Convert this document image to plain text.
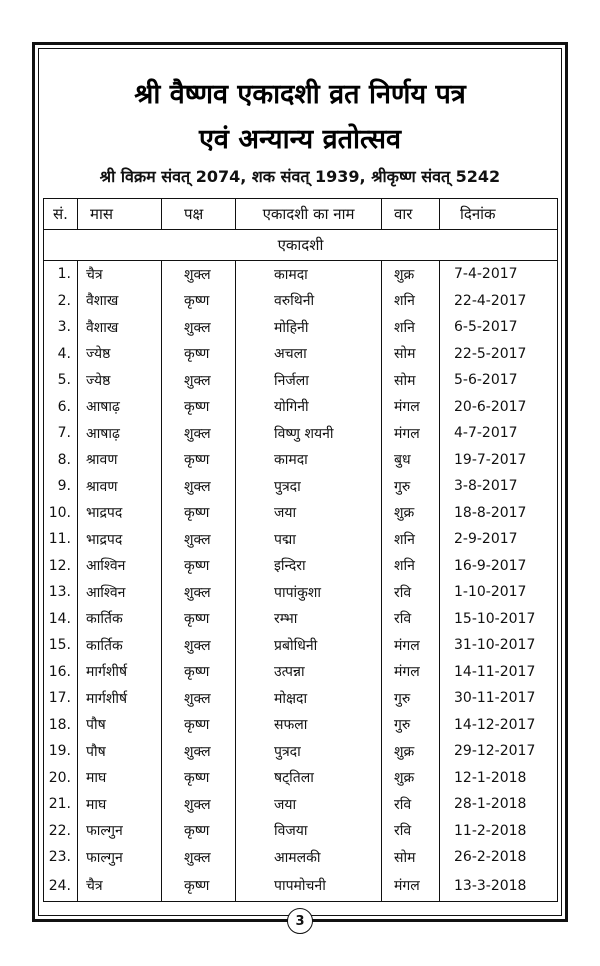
श्री वैष्णव एकादशी व्रत निर्णय पत्र
एवं अन्यान्य व्रतोत्सव
श्री विक्रम संवत् 2074, शक संवत् 1939, श्रीकृष्ण संवत् 5242
एकादशी					
सं.	मास	पक्ष	एकादशी का नाम	वार	दिनांक
1.	चैत्र	शुक्ल	कामदा	शुक्र	7-4-2017
2.	वैशाख	कृष्ण	वरुथिनी	शनि	22-4-2017
3.	वैशाख	शुक्ल	मोहिनी	शनि	6-5-2017
4.	ज्येष्ठ	कृष्ण	अचला	सोम	22-5-2017
5.	ज्येष्ठ	शुक्ल	निर्जला	सोम	5-6-2017
6.	आषाढ़	कृष्ण	योगिनी	मंगल	20-6-2017
7.	आषाढ़	शुक्ल	विष्णु शयनी	मंगल	4-7-2017
8.	श्रावण	कृष्ण	कामदा	बुध	19-7-2017
9.	श्रावण	शुक्ल	पुत्रदा	गुरु	3-8-2017
10.	भाद्रपद	कृष्ण	जया	शुक्र	18-8-2017
11.	भाद्रपद	शुक्ल	पद्मा	शनि	2-9-2017
12.	आश्विन	कृष्ण	इन्दिरा	शनि	16-9-2017
13.	आश्विन	शुक्ल	पापांकुशा	रवि	1-10-2017
14.	कार्तिक	कृष्ण	रम्भा	रवि	15-10-2017
15.	कार्तिक	शुक्ल	प्रबोधिनी	मंगल	31-10-2017
16.	मार्गशीर्ष	कृष्ण	उत्पन्ना	मंगल	14-11-2017
17.	मार्गशीर्ष	शुक्ल	मोक्षदा	गुरु	30-11-2017
18.	पौष	कृष्ण	सफला	गुरु	14-12-2017
19.	पौष	शुक्ल	पुत्रदा	शुक्र	29-12-2017
20.	माघ	कृष्ण	षट्तिला	शुक्र	12-1-2018
21.	माघ	शुक्ल	जया	रवि	28-1-2018
22.	फाल्गुन	कृष्ण	विजया	रवि	11-2-2018
23.	फाल्गुन	शुक्ल	आमलकी	सोम	26-2-2018
24.	चैत्र	कृष्ण	पापमोचनी	मंगल	13-3-2018
3
